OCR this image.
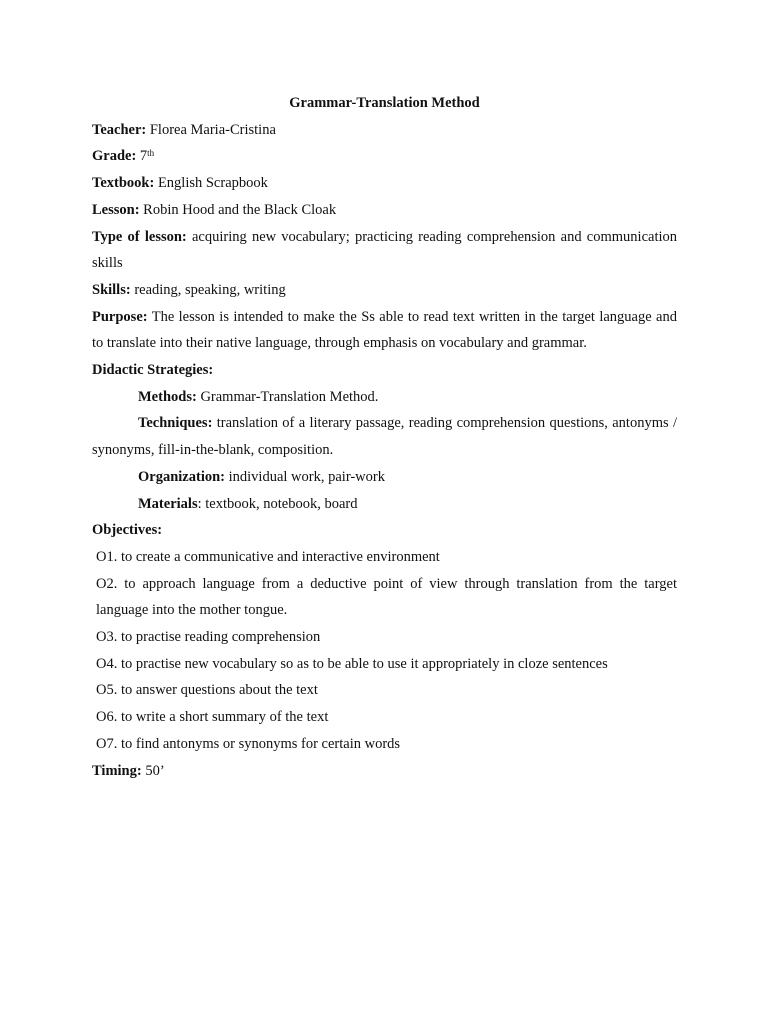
Grammar-Translation Method
Teacher: Florea Maria-Cristina
Grade: 7th
Textbook: English Scrapbook
Lesson: Robin Hood and the Black Cloak
Type of lesson: acquiring new vocabulary; practicing reading comprehension and communication skills
Skills: reading, speaking, writing
Purpose: The lesson is intended to make the Ss able to read text written in the target language and to translate into their native language, through emphasis on vocabulary and grammar.
Didactic Strategies:
Methods: Grammar-Translation Method.
Techniques: translation of a literary passage, reading comprehension questions, antonyms / synonyms, fill-in-the-blank, composition.
Organization: individual work, pair-work
Materials: textbook, notebook, board
Objectives:
O1. to create a communicative and interactive environment
O2. to approach language from a deductive point of view through translation from the target language into the mother tongue.
O3. to practise reading comprehension
O4. to practise new vocabulary so as to be able to use it appropriately in cloze sentences
O5. to answer questions about the text
O6. to write a short summary of the text
O7. to find antonyms or synonyms for certain words
Timing: 50’
